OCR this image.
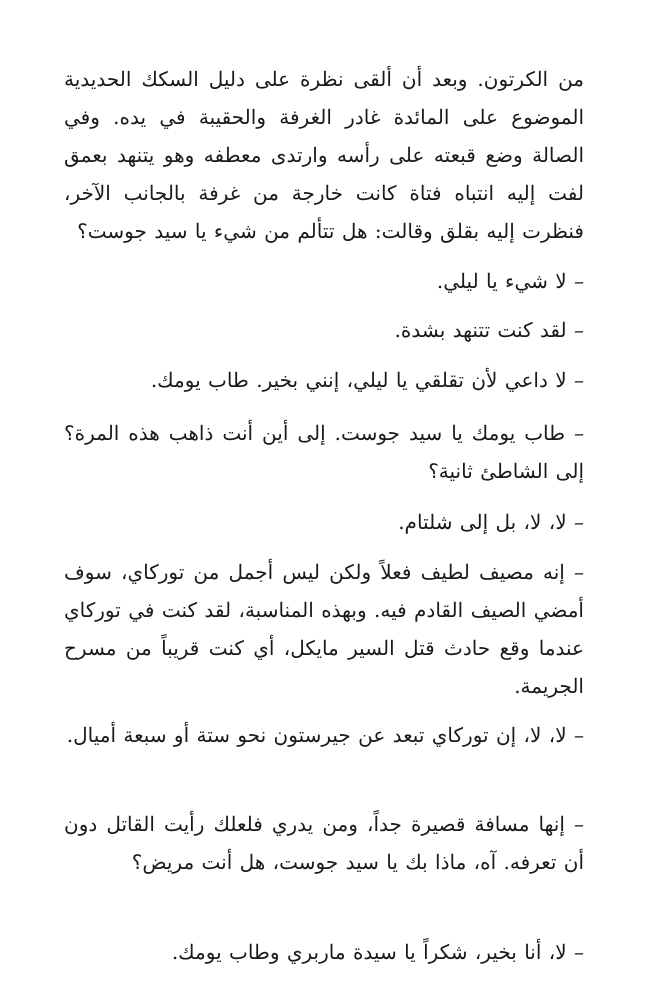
من الكرتون. وبعد أن ألقى نظرة على دليل السكك الحديدية الموضوع على المائدة غادر الغرفة والحقيبة في يده. وفي الصالة وضع قبعته على رأسه وارتدى معطفه وهو يتنهد بعمق لفت إليه انتباه فتاة كانت خارجة من غرفة بالجانب الآخر، فنظرت إليه بقلق وقالت: هل تتألم من شيء يا سيد جوست؟

– لا شيء يا ليلي.

– لقد كنت تتنهد بشدة.

– لا داعي لأن تقلقي يا ليلي، إنني بخير. طاب يومك.

– طاب يومك يا سيد جوست. إلى أين أنت ذاهب هذه المرة؟ إلى الشاطئ ثانية؟

– لا، لا، بل إلى شلتام.

– إنه مصيف لطيف فعلاً ولكن ليس أجمل من توركاي، سوف أمضي الصيف القادم فيه. وبهذه المناسبة، لقد كنت في توركاي عندما وقع حادث قتل السير مايكل، أي كنت قريباً من مسرح الجريمة.

– لا، لا، إن توركاي تبعد عن جيرستون نحو ستة أو سبعة أميال.

– إنها مسافة قصيرة جداً، ومن يدري فلعلك رأيت القاتل دون أن تعرفه. آه، ماذا بك يا سيد جوست، هل أنت مريض؟

– لا، أنا بخير، شكراً يا سيدة ماربري وطاب يومك.
